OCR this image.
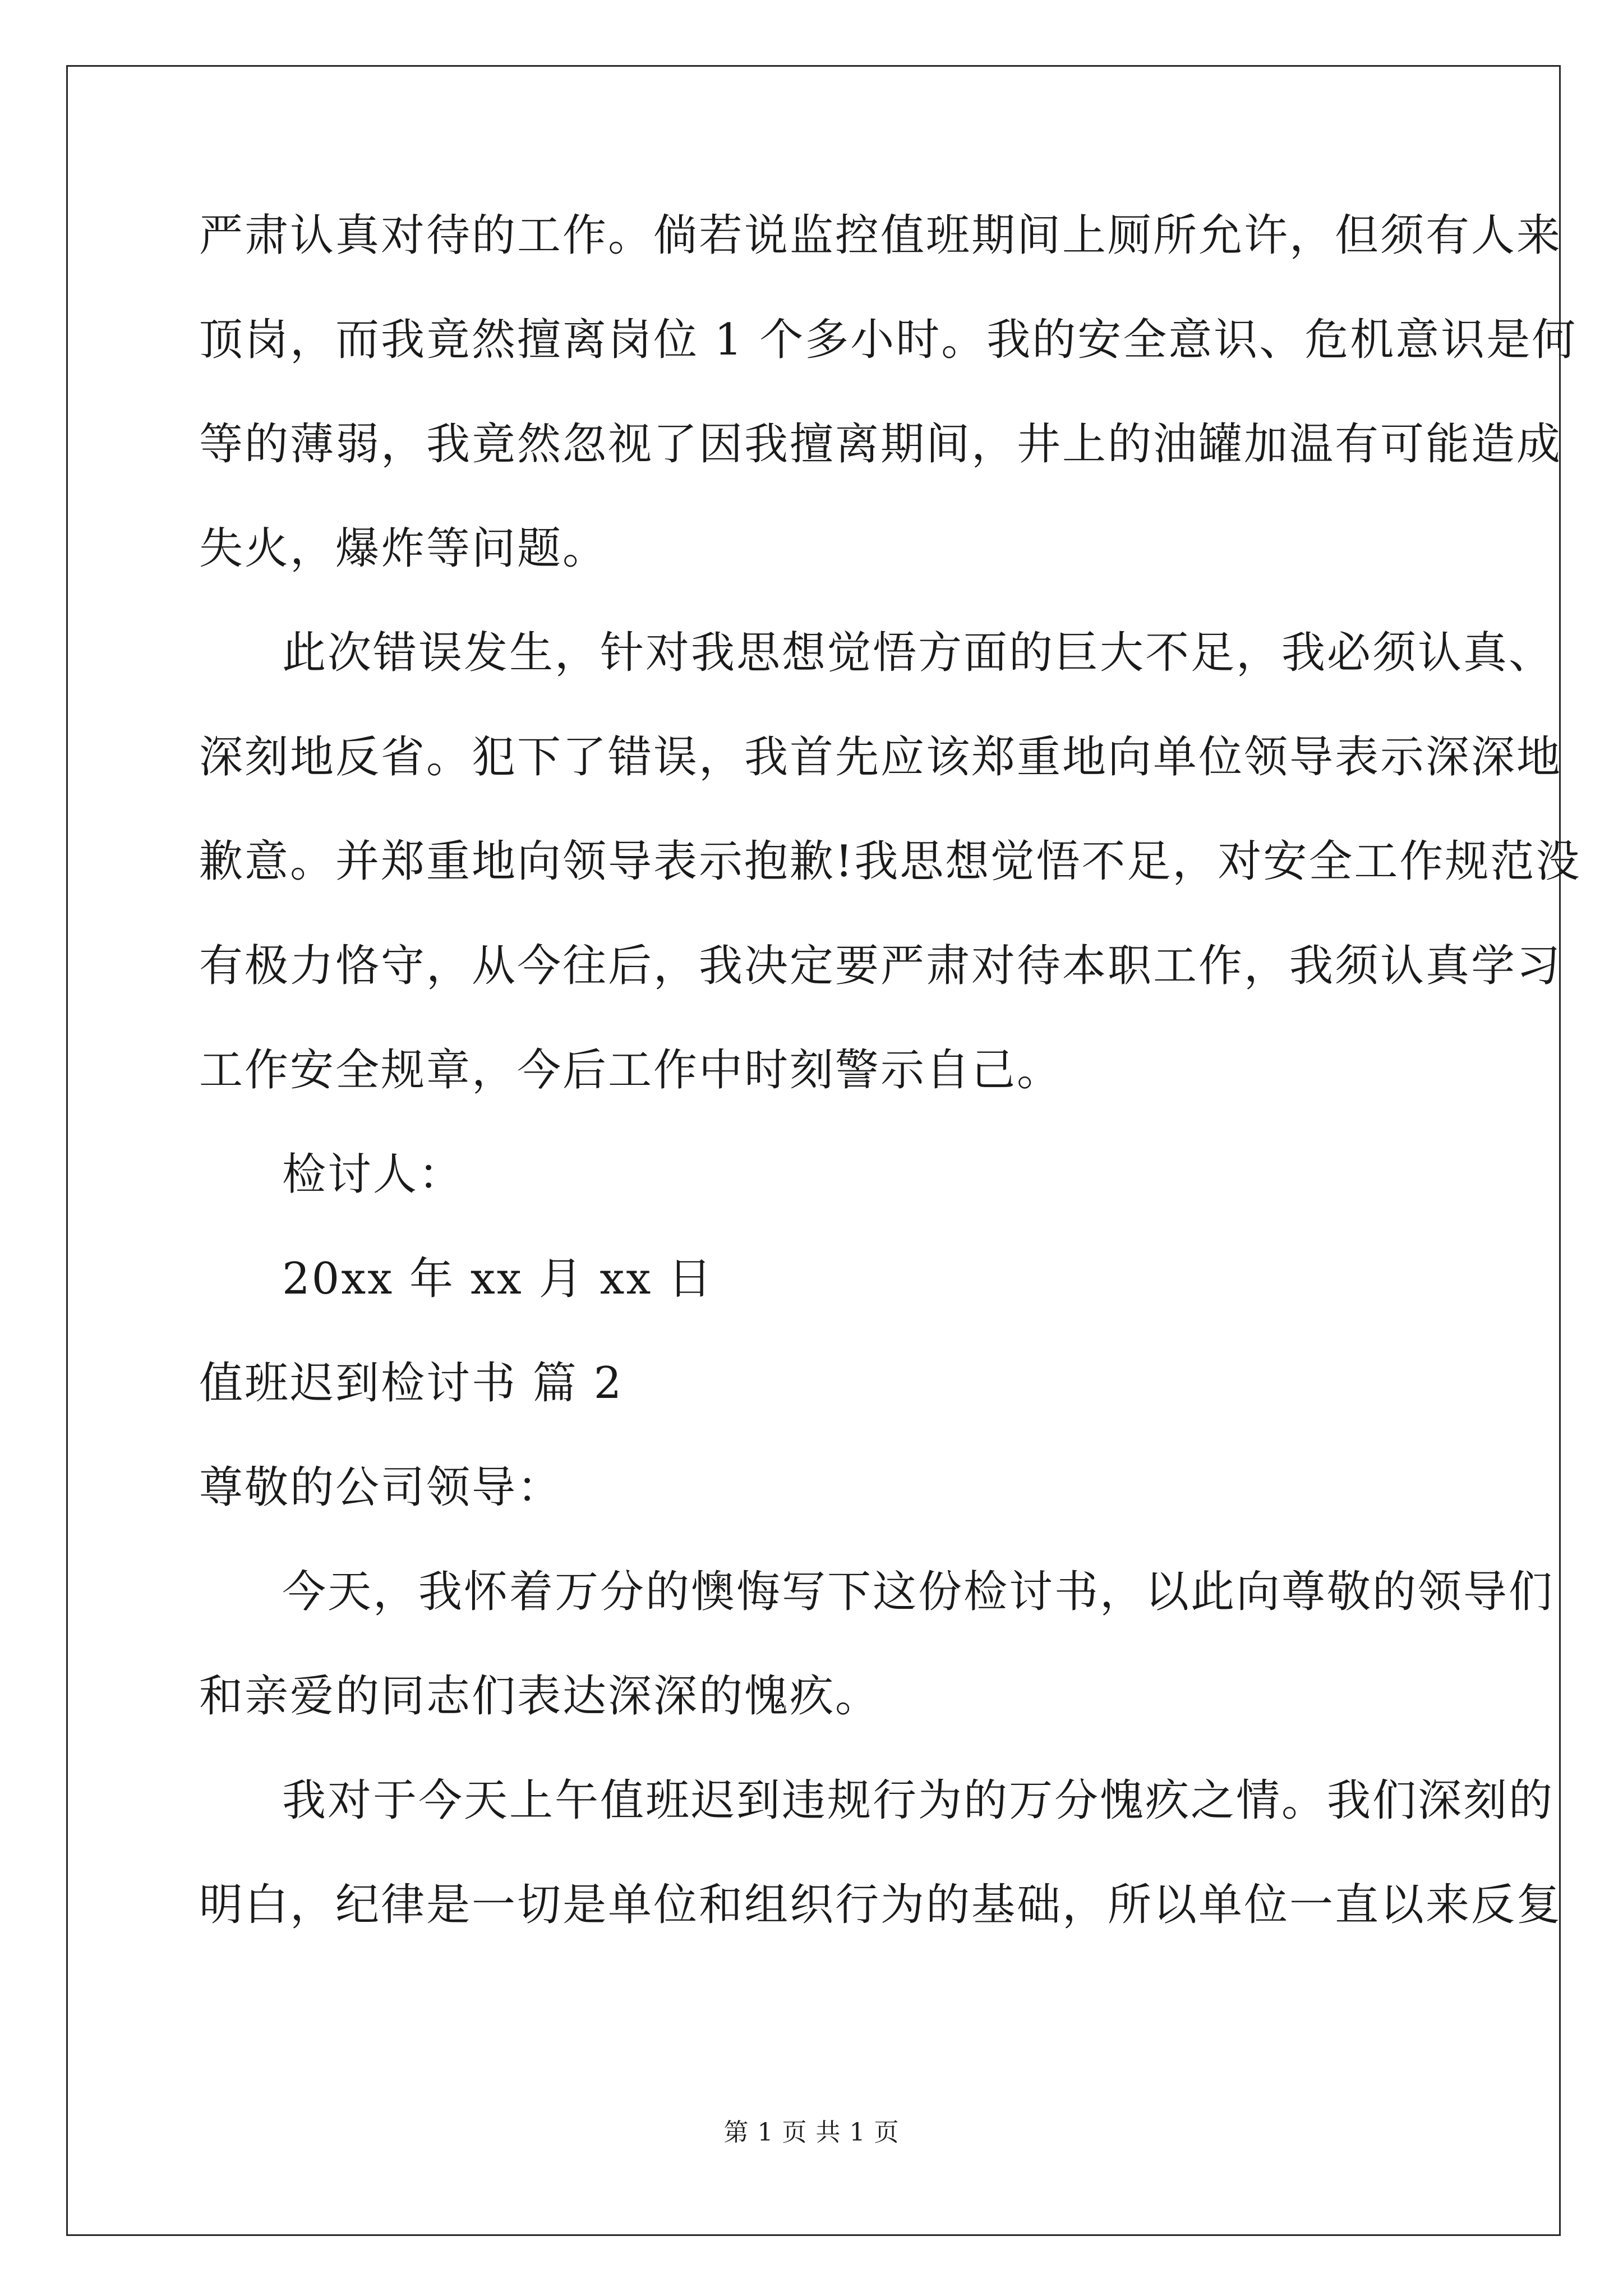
严肃认真对待的工作。倘若说监控值班期间上厕所允许，但须有人来
顶岗，而我竟然擅离岗位 1 个多小时。我的安全意识、危机意识是何
等的薄弱，我竟然忽视了因我擅离期间，井上的油罐加温有可能造成
失火，爆炸等问题。
此次错误发生，针对我思想觉悟方面的巨大不足，我必须认真、
深刻地反省。犯下了错误，我首先应该郑重地向单位领导表示深深地
歉意。并郑重地向领导表示抱歉!我思想觉悟不足，对安全工作规范没
有极力恪守，从今往后，我决定要严肃对待本职工作，我须认真学习
工作安全规章，今后工作中时刻警示自己。
检讨人：
20xx 年 xx 月 xx 日
值班迟到检讨书 篇 2
尊敬的公司领导：
今天，我怀着万分的懊悔写下这份检讨书，以此向尊敬的领导们
和亲爱的同志们表达深深的愧疚。
我对于今天上午值班迟到违规行为的万分愧疚之情。我们深刻的
明白，纪律是一切是单位和组织行为的基础，所以单位一直以来反复
第 1 页 共 1 页
